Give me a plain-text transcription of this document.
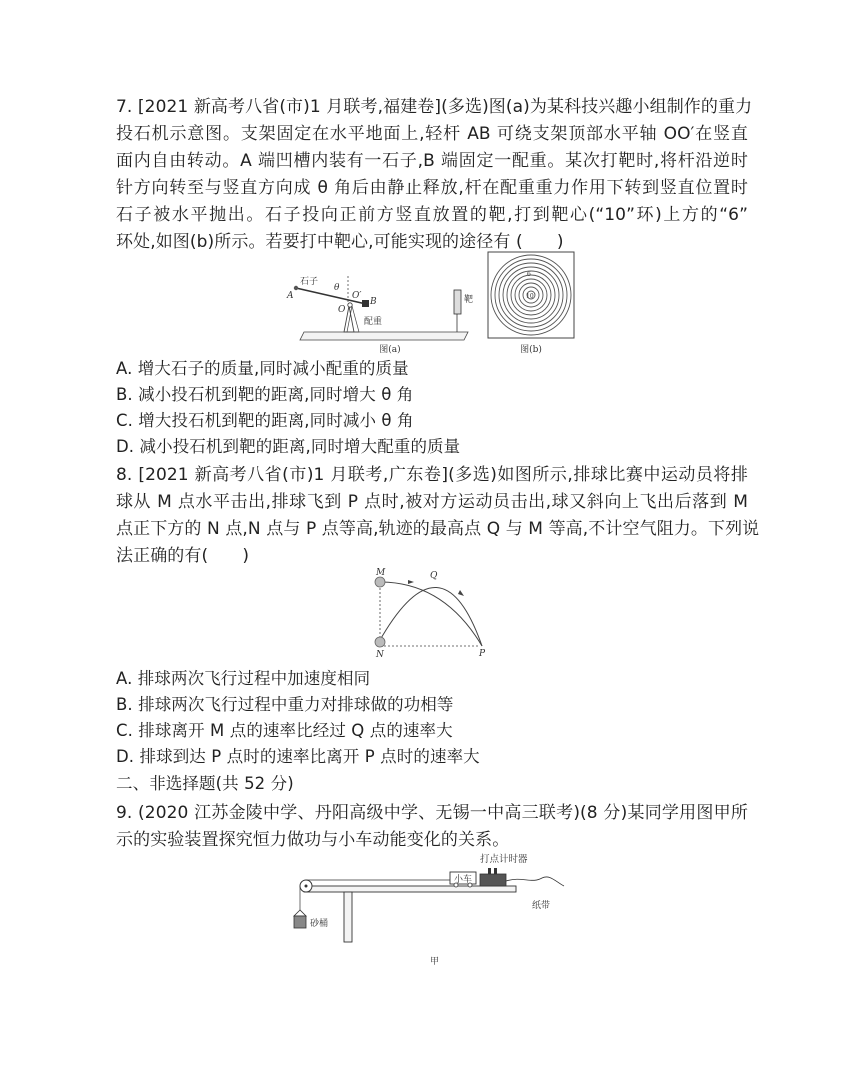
7. [2021 新高考八省(市)1 月联考,福建卷](多选)图(a)为某科技兴趣小组制作的重力
投石机示意图。支架固定在水平地面上,轻杆 AB 可绕支架顶部水平轴 OO′在竖直
面内自由转动。A 端凹槽内装有一石子,B 端固定一配重。某次打靶时,将杆沿逆时
针方向转至与竖直方向成 θ 角后由静止释放,杆在配重重力作用下转到竖直位置时
石子被水平抛出。石子投向正前方竖直放置的靶,打到靶心(“10”环)上方的“6”
环处,如图(b)所示。若要打中靶心,可能实现的途径有 (　　)
石子
A
θ
O′
O
B
配重
靶
图(a)
6
10
图(b)
A. 增大石子的质量,同时减小配重的质量
B. 减小投石机到靶的距离,同时增大 θ 角
C. 增大投石机到靶的距离,同时减小 θ 角
D. 减小投石机到靶的距离,同时增大配重的质量
8. [2021 新高考八省(市)1 月联考,广东卷](多选)如图所示,排球比赛中运动员将排
球从 M 点水平击出,排球飞到 P 点时,被对方运动员击出,球又斜向上飞出后落到 M
点正下方的 N 点,N 点与 P 点等高,轨迹的最高点 Q 与 M 等高,不计空气阻力。下列说
法正确的有(　　)
M	Q
N	P
A. 排球两次飞行过程中加速度相同
B. 排球两次飞行过程中重力对排球做的功相等
C. 排球离开 M 点的速率比经过 Q 点的速率大
D. 排球到达 P 点时的速率比离开 P 点时的速率大
二、非选择题(共 52 分)
9. (2020 江苏金陵中学、丹阳高级中学、无锡一中高三联考)(8 分)某同学用图甲所
示的实验装置探究恒力做功与小车动能变化的关系。
打点计时器
小车
砂桶
纸带
甲
